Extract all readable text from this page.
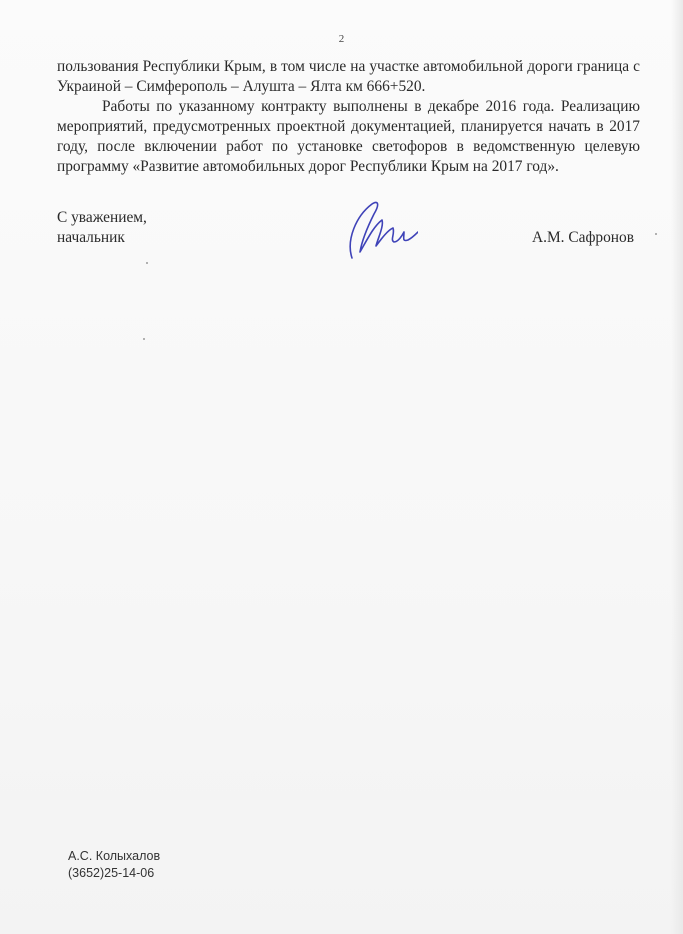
2

пользования Республики Крым, в том числе на участке автомобильной дороги граница с Украиной – Симферополь – Алушта – Ялта км 666+520.

Работы по указанному контракту выполнены в декабре 2016 года. Реализацию мероприятий, предусмотренных проектной документацией, планируется начать в 2017 году, после включении работ по установке светофоров в ведомственную целевую программу «Развитие автомобильных дорог Республики Крым на 2017 год».

С уважением,
начальник	А.М. Сафронов
А.С. Колыхалов
(3652)25-14-06
